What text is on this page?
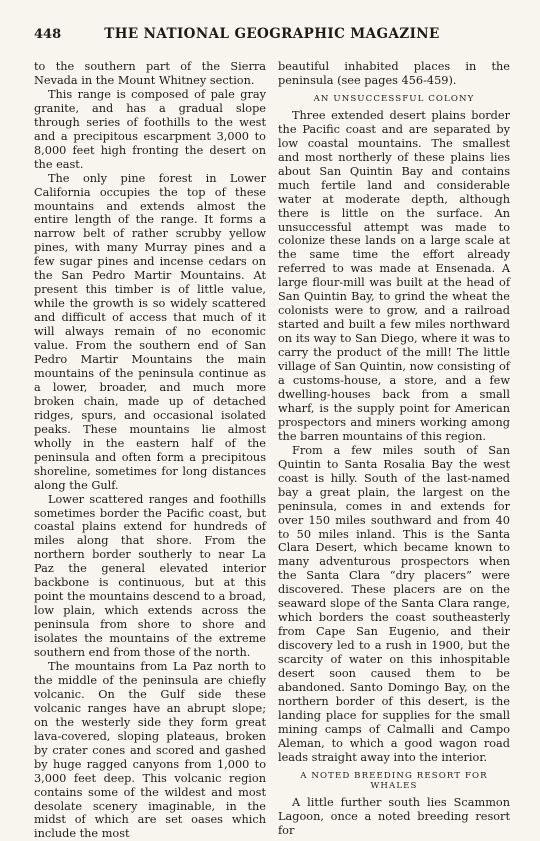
448	THE NATIONAL GEOGRAPHIC MAGAZINE

to the southern part of the Sierra Nevada in the Mount Whitney section.

This range is composed of pale gray granite, and has a gradual slope through series of foothills to the west and a precipitous escarpment 3,000 to 8,000 feet high fronting the desert on the east.

The only pine forest in Lower California occupies the top of these mountains and extends almost the entire length of the range. It forms a narrow belt of rather scrubby yellow pines, with many Murray pines and a few sugar pines and incense cedars on the San Pedro Martir Mountains. At present this timber is of little value, while the growth is so widely scattered and difficult of access that much of it will always remain of no economic value. From the southern end of San Pedro Martir Mountains the main mountains of the peninsula continue as a lower, broader, and much more broken chain, made up of detached ridges, spurs, and occasional isolated peaks. These mountains lie almost wholly in the eastern half of the peninsula and often form a precipitous shoreline, sometimes for long distances along the Gulf.

Lower scattered ranges and foothills sometimes border the Pacific coast, but coastal plains extend for hundreds of miles along that shore. From the northern border southerly to near La Paz the general elevated interior backbone is continuous, but at this point the mountains descend to a broad, low plain, which extends across the peninsula from shore to shore and isolates the mountains of the extreme southern end from those of the north.

The mountains from La Paz north to the middle of the peninsula are chiefly volcanic. On the Gulf side these volcanic ranges have an abrupt slope; on the westerly side they form great lava-covered, sloping plateaus, broken by crater cones and scored and gashed by huge ragged canyons from 1,000 to 3,000 feet deep. This volcanic region contains some of the wildest and most desolate scenery imaginable, in the midst of which are set oases which include the most

beautiful inhabited places in the peninsula (see pages 456-459).

AN UNSUCCESSFUL COLONY

Three extended desert plains border the Pacific coast and are separated by low coastal mountains. The smallest and most northerly of these plains lies about San Quintin Bay and contains much fertile land and considerable water at moderate depth, although there is little on the surface. An unsuccessful attempt was made to colonize these lands on a large scale at the same time the effort already referred to was made at Ensenada. A large flour-mill was built at the head of San Quintin Bay, to grind the wheat the colonists were to grow, and a railroad started and built a few miles northward on its way to San Diego, where it was to carry the product of the mill! The little village of San Quintin, now consisting of a customs-house, a store, and a few dwelling-houses back from a small wharf, is the supply point for American prospectors and miners working among the barren mountains of this region.

From a few miles south of San Quintin to Santa Rosalia Bay the west coast is hilly. South of the last-named bay a great plain, the largest on the peninsula, comes in and extends for over 150 miles southward and from 40 to 50 miles inland. This is the Santa Clara Desert, which became known to many adventurous prospectors when the Santa Clara “dry placers” were discovered. These placers are on the seaward slope of the Santa Clara range, which borders the coast southeasterly from Cape San Eugenio, and their discovery led to a rush in 1900, but the scarcity of water on this inhospitable desert soon caused them to be abandoned. Santo Domingo Bay, on the northern border of this desert, is the landing place for supplies for the small mining camps of Calmalli and Campo Aleman, to which a good wagon road leads straight away into the interior.

A NOTED BREEDING RESORT FOR WHALES

A little further south lies Scammon Lagoon, once a noted breeding resort for
